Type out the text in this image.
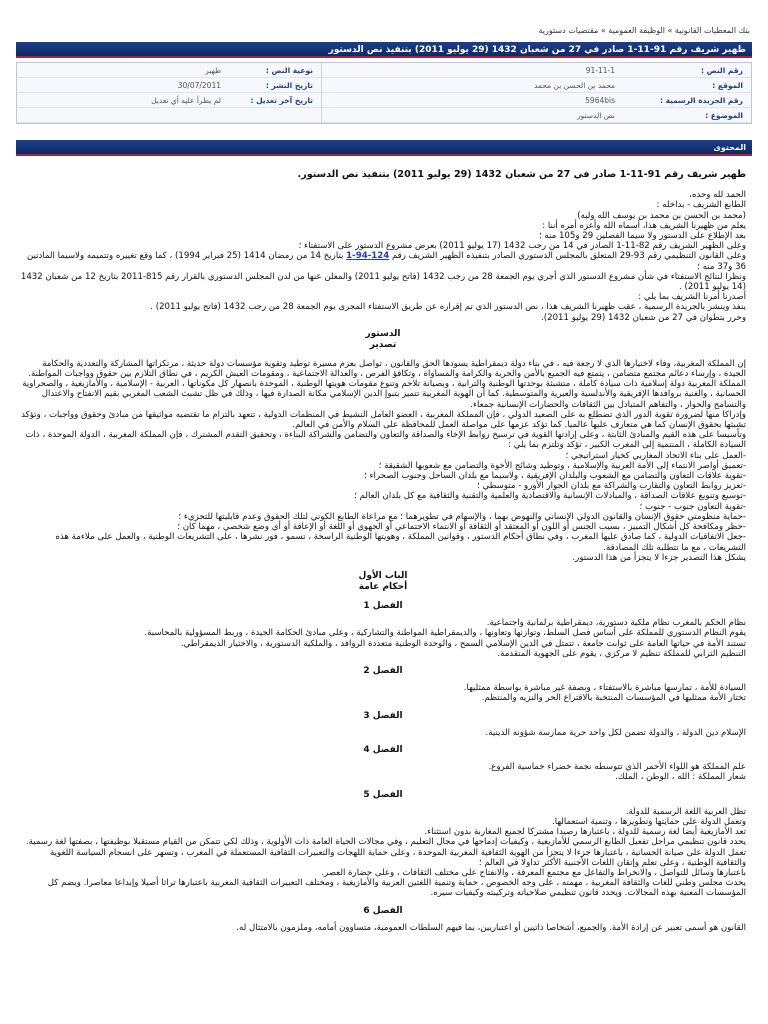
بنك المعطيات القانونية » الوظيفة العمومية » مقتضيات دستورية
ظهير شريف رقم 91-11-1 صادر في 27 من شعبان 1432 (29 يوليو 2011) بتنفيذ نص الدستور
رقم النص :
91-11-1
الموقع :
محمد بن الحسن بن محمد
رقم الجريدة الرسمية :
5964bis
الموضوع :
نص الدستور
نوعية النص :
ظهير
تاريخ النشر :
30/07/2011
تاريخ آخر تعديل :
لم يطرأ عليه أي تعديل
المحتوى

ظهير شريف رقم 91-11-1 صادر في 27 من شعبان 1432 (29 يوليو 2011) بتنفيذ نص الدستور.

الحمد لله وحده،

الطابع الشريف - بداخله :

(محمد بن الحسن بن محمد بن يوسف الله وليه)

يعلم من ظهيرنا الشريف هذا، أسماه الله وأعزه أمره أننا :

بعد الإطلاع على الدستور ولا سيما الفصلين 29 و105 منه ؛

وعلى الظهير الشريف رقم 82-11-1 الصادر في 14 من رجب 1432 (17 يوليو 2011) بعرض مشروع الدستور على الاستفتاء ؛

وعلى القانون التنظيمي رقم 93-29 المتعلق بالمجلس الدستوري الصادر بتنفيذه الظهير الشريف رقم 124-94-1 بتاريخ 14 من رمضان 1414 (25 فبراير 1994) ، كما وقع تغييره وتتميمه ولاسيما المادتين 36 و37 منه ؛

ونظرا لنتائج الاستفتاء في شأن مشروع الدستور الذي أجري يوم الجمعة 28 من رجب 1432 (فاتح يوليو 2011) والمعلن عنها من لدن المجلس الدستوري بالقرار رقم 815-2011 بتاريخ 12 من شعبان 1432 (14 يوليو 2011) .

أصدرنا أمرنا الشريف بما يلي :

ينفذ وينشر بالجريدة الرسمية ، عقب ظهيرنا الشريف هذا ، نص الدستور الذي تم إقراره عن طريق الاستفتاء المجرى يوم الجمعة 28 من رجب 1432 (فاتح يوليو 2011) .

وحرر بتطوان في 27 من شعبان 1432 (29 يوليو 2011).

الدستور
تصدير

إن المملكة المغربية، وفاء لاختيارها الذي لا رجعة فيه ، في بناء دولة ديمقراطية يسودها الحق والقانون ، تواصل بعزم مسيرة توطيد وتقوية مؤسسات دولة حديثة ، مرتكزاتها المشاركة والتعددية والحكامة الجيدة ، وإرساء دعائم مجتمع متضامن ، يتمتع فيه الجميع بالأمن والحرية والكرامة والمساواة ، وتكافؤ الفرص ، والعدالة الاجتماعية ، ومقومات العيش الكريم ، في نطاق التلازم بين حقوق وواجبات المواطنة.

المملكة المغربية دولة إسلامية ذات سيادة كاملة ، متشبثة بوحدتها الوطنية والترابية ، وبصيانة تلاحم وتنوع مقومات هويتها الوطنية ، الموحدة بانصهار كل مكوناتها ، العربية - الإسلامية ، والأمازيغية ، والصحراوية الحسانية ، والغنية بروافدها الإفريقية والأندلسية والعبرية والمتوسطية. كما أن الهوية المغربية تتميز بتبوإ الدين الإسلامي مكانة الصدارة فيها ، وذلك في ظل تشبث الشعب المغربي بقيم الانفتاح والاعتدال والتسامح والحوار ، والتفاهم المتبادل بين الثقافات والحضارات الإنسانية جمعاء.

وإدراكا منها لضرورة تقوية الدور الذي تضطلع به على الصعيد الدولي ، فإن المملكة المغربية ، العضو العامل النشيط في المنظمات الدولية ، تتعهد بالتزام ما تقتضيه مواثيقها من مبادئ وحقوق وواجبات ، وتؤكد تشبثها بحقوق الإنسان كما هي متعارف عليها عالميا. كما تؤكد عزمها على مواصلة العمل للمحافظة على السلام والأمن في العالم.

وتأسيسا على هذه القيم والمبادئ الثابتة ، وعلى إرادتها القوية في ترسيخ روابط الإخاء والصداقة والتعاون والتضامن والشراكة البناءة ، وتحقيق التقدم المشترك ، فإن المملكة المغربية ، الدولة الموحدة ، ذات السيادة الكاملة ، المنتمية إلى المغرب الكبير ، تؤكد وتلتزم بما يلي :

-العمل على بناء الاتحاد المغاربي كخيار استراتيجي ؛

-تعميق أواصر الانتماء إلى الأمة العربية والإسلامية ، وتوطيد وشائج الأخوة والتضامن مع شعوبها الشقيقة ؛

-تقوية علاقات التعاون والتضامن مع الشعوب والبلدان الإفريقية ، ولاسيما مع بلدان الساحل وجنوب الصحراء ؛

-تعزيز روابط التعاون والتقارب والشراكة مع بلدان الجوار الأورو - متوسطي ؛

-توسيع وتنويع علاقات الصداقة ، والمبادلات الإنسانية والاقتصادية والعلمية والتقنية والثقافية مع كل بلدان العالم ؛

-تقوية التعاون جنوب - جنوب ؛

-حماية منظومتي حقوق الإنسان والقانون الدولي الإنساني والنهوض بهما ، والإسهام في تطويرهما ؛ مع مراعاة الطابع الكوني لتلك الحقوق وعدم قابليتها للتجزيء ؛

-حظر ومكافحة كل أشكال التمييز ، بسبب الجنس أو اللون أو المعتقد أو الثقافة أو الانتماء الاجتماعي أو الجهوي أو اللغة أو الإعاقة أو أي وضع شخصي ، مهما كان ؛

-جعل الاتفاقيات الدولية ، كما صادق عليها المغرب ، وفي نطاق أحكام الدستور ، وقوانين المملكة ، وهويتها الوطنية الراسخة ، تسمو ، فور نشرها ، على التشريعات الوطنية ، والعمل على ملاءمة هذه التشريعات ، مع ما تتطلبه تلك المصادقة.

يشكل هذا التصدير جزءا لا يتجزأ من هذا الدستور.

الباب الأول
أحكام عامة

الفصل 1

نظام الحكم بالمغرب نظام ملكية دستورية، ديمقراطية برلمانية واجتماعية.

يقوم النظام الدستوري للمملكة على أساس فصل السلط، وتوازنها وتعاونها ، والديمقراطية المواطنة والتشاركية ، وعلى مبادئ الحكامة الجيدة ، وربط المسؤولية بالمحاسبة.

تستند الأمة في حياتها العامة على ثوابت جامعة ، تتمثل في الدين الإسلامي السمح ، والوحدة الوطنية متعددة الروافد ، والملكية الدستورية ، والاختيار الديمقراطي.

التنظيم الترابي للمملكة تنظيم لا مركزي ، يقوم على الجهوية المتقدمة.

الفصل 2

السيادة للأمة ، تمارسها مباشرة بالاستفتاء ، وبصفة غير مباشرة بواسطة ممثليها.

تختار الأمة ممثليها في المؤسسات المنتخبة بالاقتراع الحر والنزيه والمنتظم.

الفصل 3

الإسلام دين الدولة ، والدولة تضمن لكل واحد حرية ممارسة شؤونه الدينية.

الفصل 4

علم المملكة هو اللواء الأحمر الذي تتوسطه نجمة خضراء خماسية الفروع.

شعار المملكة : الله ، الوطن ، الملك.

الفصل 5

تظل العربية اللغة الرسمية للدولة.

وتعمل الدولة على حمايتها وتطويرها ، وتنمية استعمالها.

تعد الأمازيغية أيضا لغة رسمية للدولة ، باعتبارها رصيدا مشتركا لجميع المغاربة بدون استثناء.

يحدد قانون تنظيمي مراحل تفعيل الطابع الرسمي للأمازيغية ، وكيفيات إدماجها في مجال التعليم ، وفي مجالات الحياة العامة ذات الأولوية ، وذلك لكي تتمكن من القيام مستقبلا بوظيفتها ، بصفتها لغة رسمية.

تعمل الدولة على صيانة الحسانية ، باعتبارها جزءا لا يتجزأ من الهوية الثقافية المغربية الموحدة ، وعلى حماية اللهجات والتعبيرات الثقافية المستعملة في المغرب ، وتسهر على انسجام السياسة اللغوية والثقافية الوطنية ، وعلى تعلم وإتقان اللغات الأجنبية الأكثر تداولا في العالم ؛

باعتبارها وسائل للتواصل ، والانخراط والتفاعل مع مجتمع المعرفة ، والانفتاح على مختلف الثقافات ، وعلى حضارة العصر.

يحدث مجلس وطني للغات والثقافة المغربية ، مهمته ، على وجه الخصوص ، حماية وتنمية اللغتين العربية والأمازيغية ، ومختلف التعبيرات الثقافية المغربية باعتبارها تراثا أصيلا وإبداعا معاصرا. ويضم كل المؤسسات المعنية بهذه المجالات. ويحدد قانون تنظيمي صلاحياته وتركيبته وكيفيات سيره.

الفصل 6

القانون هو أسمى تعبير عن إرادة الأمة. والجميع، أشخاصا ذاتيين أو اعتباريين، بما فيهم السلطات العمومية، متساوون أمامه، وملزمون بالامتثال له.
